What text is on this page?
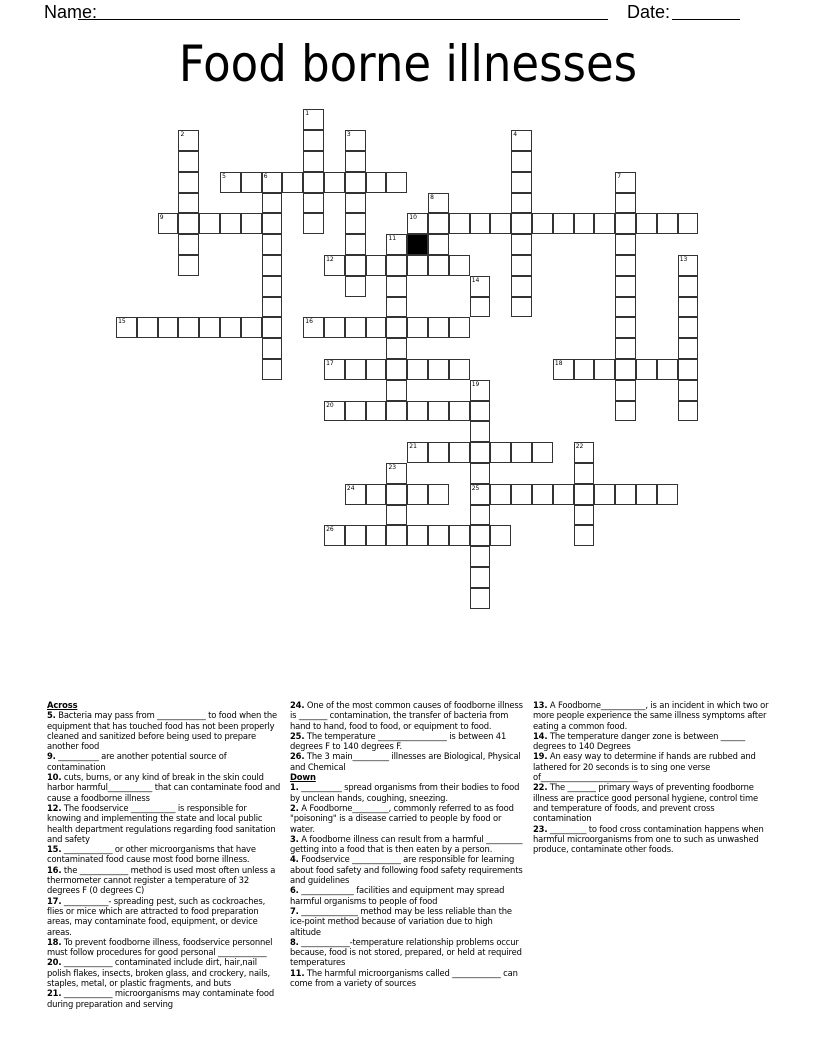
Name:	Date:
Food borne illnesses
1
2	3	4
5	6	7
8
9	10
11
12	13
14
15	16
17	18
19
25
20
21	22
23
24
26
Across
5. Bacteria may pass from ____________ to food when the equipment that has touched food has not been properly cleaned and sanitized before being used to prepare another food
9. __________ are another potential source of contamination
10. cuts, burns, or any kind of break in the skin could harbor harmful___________ that can contaminate food and cause a foodborne illness
12. The foodservice ___________ is responsible for knowing and implementing the state and local public health department regulations regarding food sanitation and safety
15. ____________ or other microorganisms that have contaminated food cause most food borne illness.
16. the ____________ method is used most often unless a thermometer cannot register a temperature of 32 degrees F (0 degrees C)
17. ___________- spreading pest, such as cockroaches, flies or mice which are attracted to food preparation areas, may contaminate food, equipment, or device areas.
18. To prevent foodborne illness, foodservice personnel must follow procedures for good personal ____________
20. ____________ contaminated include dirt, hair,nail polish flakes, insects, broken glass, and crockery, nails, staples, metal, or plastic fragments, and buts
21. ____________ microorganisms may contaminate food during preparation and serving
24. One of the most common causes of foodborne illness is _______ contamination, the transfer of bacteria from hand to hand, food to food, or equipment to food.
25. The temperature _________________ is between 41 degrees F to 140 degrees F.
26. The 3 main_________ illnesses are Biological, Physical and Chemical
Down
1. __________ spread organisms from their bodies to food by unclean hands, coughing, sneezing.
2. A Foodborne_________, commonly referred to as food "poisoning" is a disease carried to people by food or water.
3. A foodborne illness can result from a harmful _________ getting into a food that is then eaten by a person.
4. Foodservice ____________ are responsible for learning about food safety and following food safety requirements and guidelines
6. _____________ facilities and equipment may spread harmful organisms to people of food
7. ______________ method may be less reliable than the ice-point method because of variation due to high altitude
8. ____________-temperature relationship problems occur because, food is not stored, prepared, or held at required temperatures
11. The harmful microorganisms called ____________ can come from a variety of sources
13. A Foodborne___________, is an incident in which two or more people experience the same illness symptoms after eating a common food.
14. The temperature danger zone is between ______ degrees to 140 Degrees
19. An easy way to determine if hands are rubbed and lathered for 20 seconds is to sing one verse of________________________
22. The _______ primary ways of preventing foodborne illness are practice good personal hygiene, control time and temperature of foods, and prevent cross contamination
23. _________ to food cross contamination happens when harmful microorganisms from one to such as unwashed produce, contaminate other foods.
